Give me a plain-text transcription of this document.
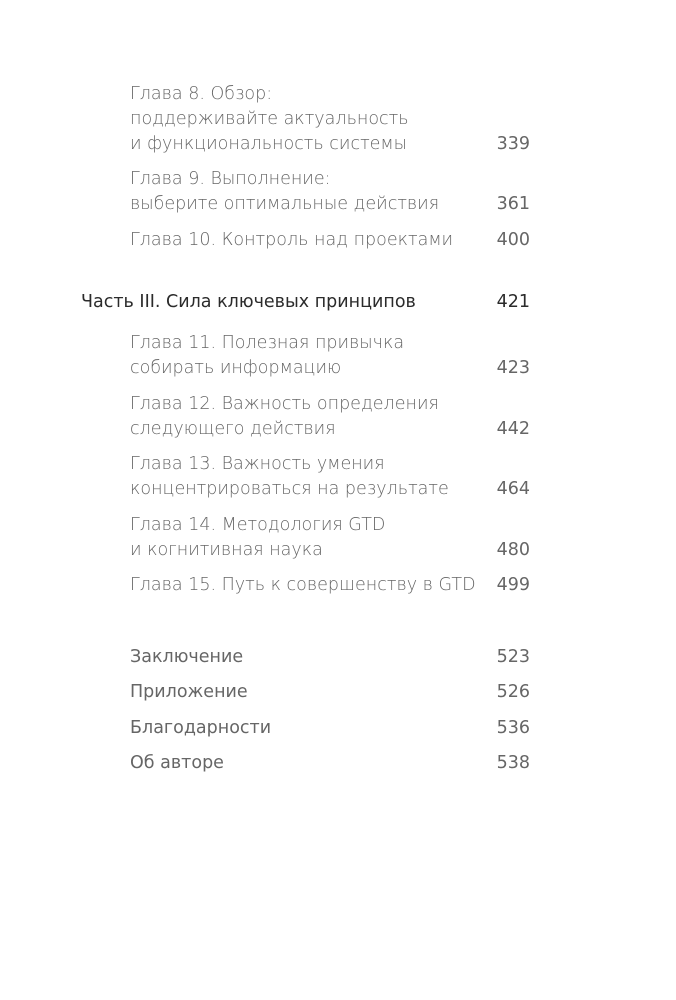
Глава 8. Обзор:
поддерживайте актуальность
и функциональность системы	339
Глава 9. Выполнение:
выберите оптимальные действия	361
Глава 10. Контроль над проектами 400
Часть III. Сила ключевых принципов	421
Глава 11. Полезная привычка
собирать информацию	423
Глава 12. Важность определения
следующего действия	442
Глава 13. Важность умения
концентрироваться на результате	464
Глава 14. Методология GTD
и когнитивная наука	480
Глава 15. Путь к совершенству в GTD 499
Заключение	523
Приложение	526
Благодарности	536
Об авторе	538
